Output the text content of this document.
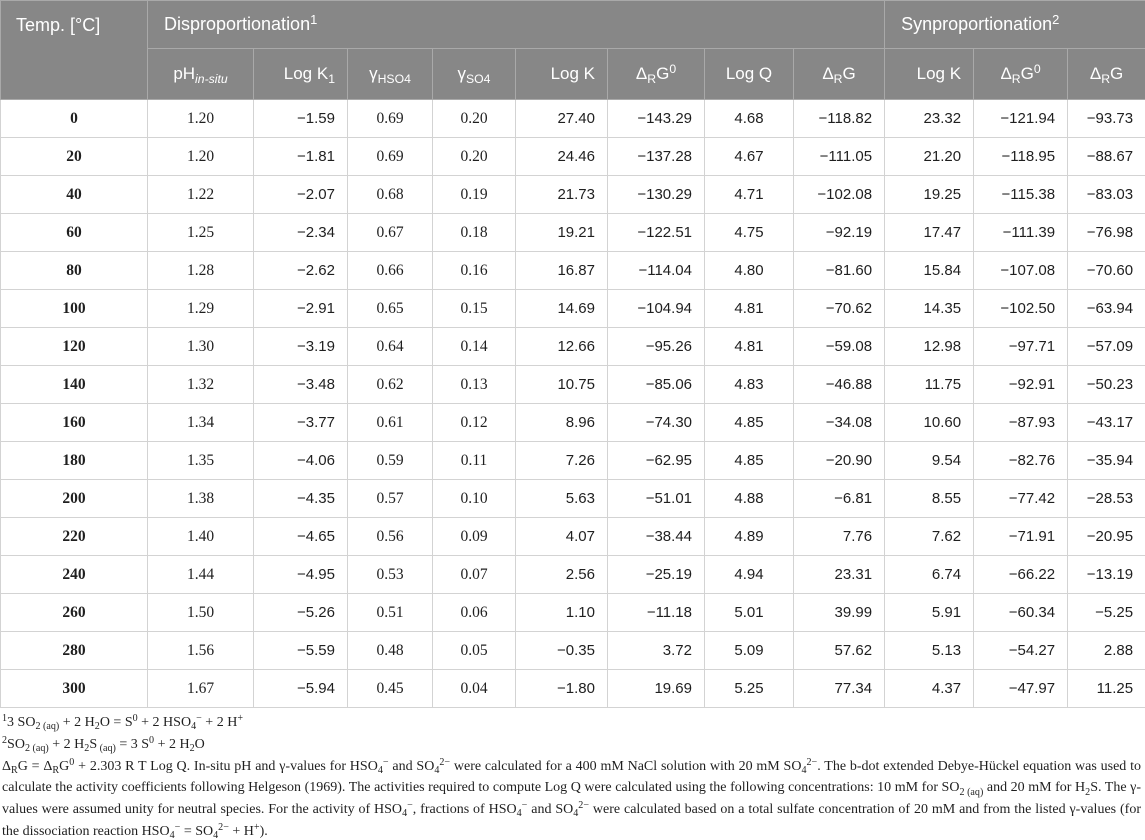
Temp. [°C]	Disproportionation$^1$								Synproportionation$^2$
	$pH_{in-situ}$	Log $K_1$	$\gamma_{HSO4}$	$\gamma_{SO4}$	Log K	$\Delta_RG^0$	Log Q	$\Delta_RG$	Log K	$\Delta_RG^0$	$\Delta_RG$
0	1.20	−1.59	0.69	0.20	27.40	−143.29	4.68	−118.82	23.32	−121.94	−93.73
20	1.20	−1.81	0.69	0.20	24.46	−137.28	4.67	−111.05	21.20	−118.95	−88.67
40	1.22	−2.07	0.68	0.19	21.73	−130.29	4.71	−102.08	19.25	−115.38	−83.03
60	1.25	−2.34	0.67	0.18	19.21	−122.51	4.75	−92.19	17.47	−111.39	−76.98
80	1.28	−2.62	0.66	0.16	16.87	−114.04	4.80	−81.60	15.84	−107.08	−70.60
100	1.29	−2.91	0.65	0.15	14.69	−104.94	4.81	−70.62	14.35	−102.50	−63.94
120	1.30	−3.19	0.64	0.14	12.66	−95.26	4.81	−59.08	12.98	−97.71	−57.09
140	1.32	−3.48	0.62	0.13	10.75	−85.06	4.83	−46.88	11.75	−92.91	−50.23
160	1.34	−3.77	0.61	0.12	8.96	−74.30	4.85	−34.08	10.60	−87.93	−43.17
180	1.35	−4.06	0.59	0.11	7.26	−62.95	4.85	−20.90	9.54	−82.76	−35.94
200	1.38	−4.35	0.57	0.10	5.63	−51.01	4.88	−6.81	8.55	−77.42	−28.53
220	1.40	−4.65	0.56	0.09	4.07	−38.44	4.89	7.76	7.62	−71.91	−20.95
240	1.44	−4.95	0.53	0.07	2.56	−25.19	4.94	23.31	6.74	−66.22	−13.19
260	1.50	−5.26	0.51	0.06	1.10	−11.18	5.01	39.99	5.91	−60.34	−5.25
280	1.56	−5.59	0.48	0.05	−0.35	3.72	5.09	57.62	5.13	−54.27	2.88
300	1.67	−5.94	0.45	0.04	−1.80	19.69	5.25	77.34	4.37	−47.97	11.25

$^1$3 $SO_{2 (aq)} + 2$ $H_2O = S^0 + 2$ $HSO_4^- + 2$ H+

$^2SO_{2 (aq)} + 2$ $H_2S$ $_{(aq)}$ = 3 $S^0 + 2$ $H_2O$

$\Delta_RG = \Delta_RG^0 + 2.303$ R T Log Q. In-situ pH and γ-values for $HSO_4^-$ and $SO_4^{2-}$ were calculated for a 400 mM NaCl solution with 20 mM $SO_4^{2-}$. The b-dot extended Debye-Hückel equation was used to calculate the activity coefficients following Helgeson (1969). The activities required to compute Log Q were calculated using the following concentrations: 10 mM for $SO_{2 (aq)}$ and 20 mM for $H_2S$. The γ-values were assumed unity for neutral species. For the activity of $HSO_4^-$, fractions of $HSO_4^-$ and $SO_4^{2-}$ were calculated based on a total sulfate concentration of 20 mM and from the listed γ-values (for the dissociation reaction $HSO_4^- = SO_4^{2-} + H^+$).
